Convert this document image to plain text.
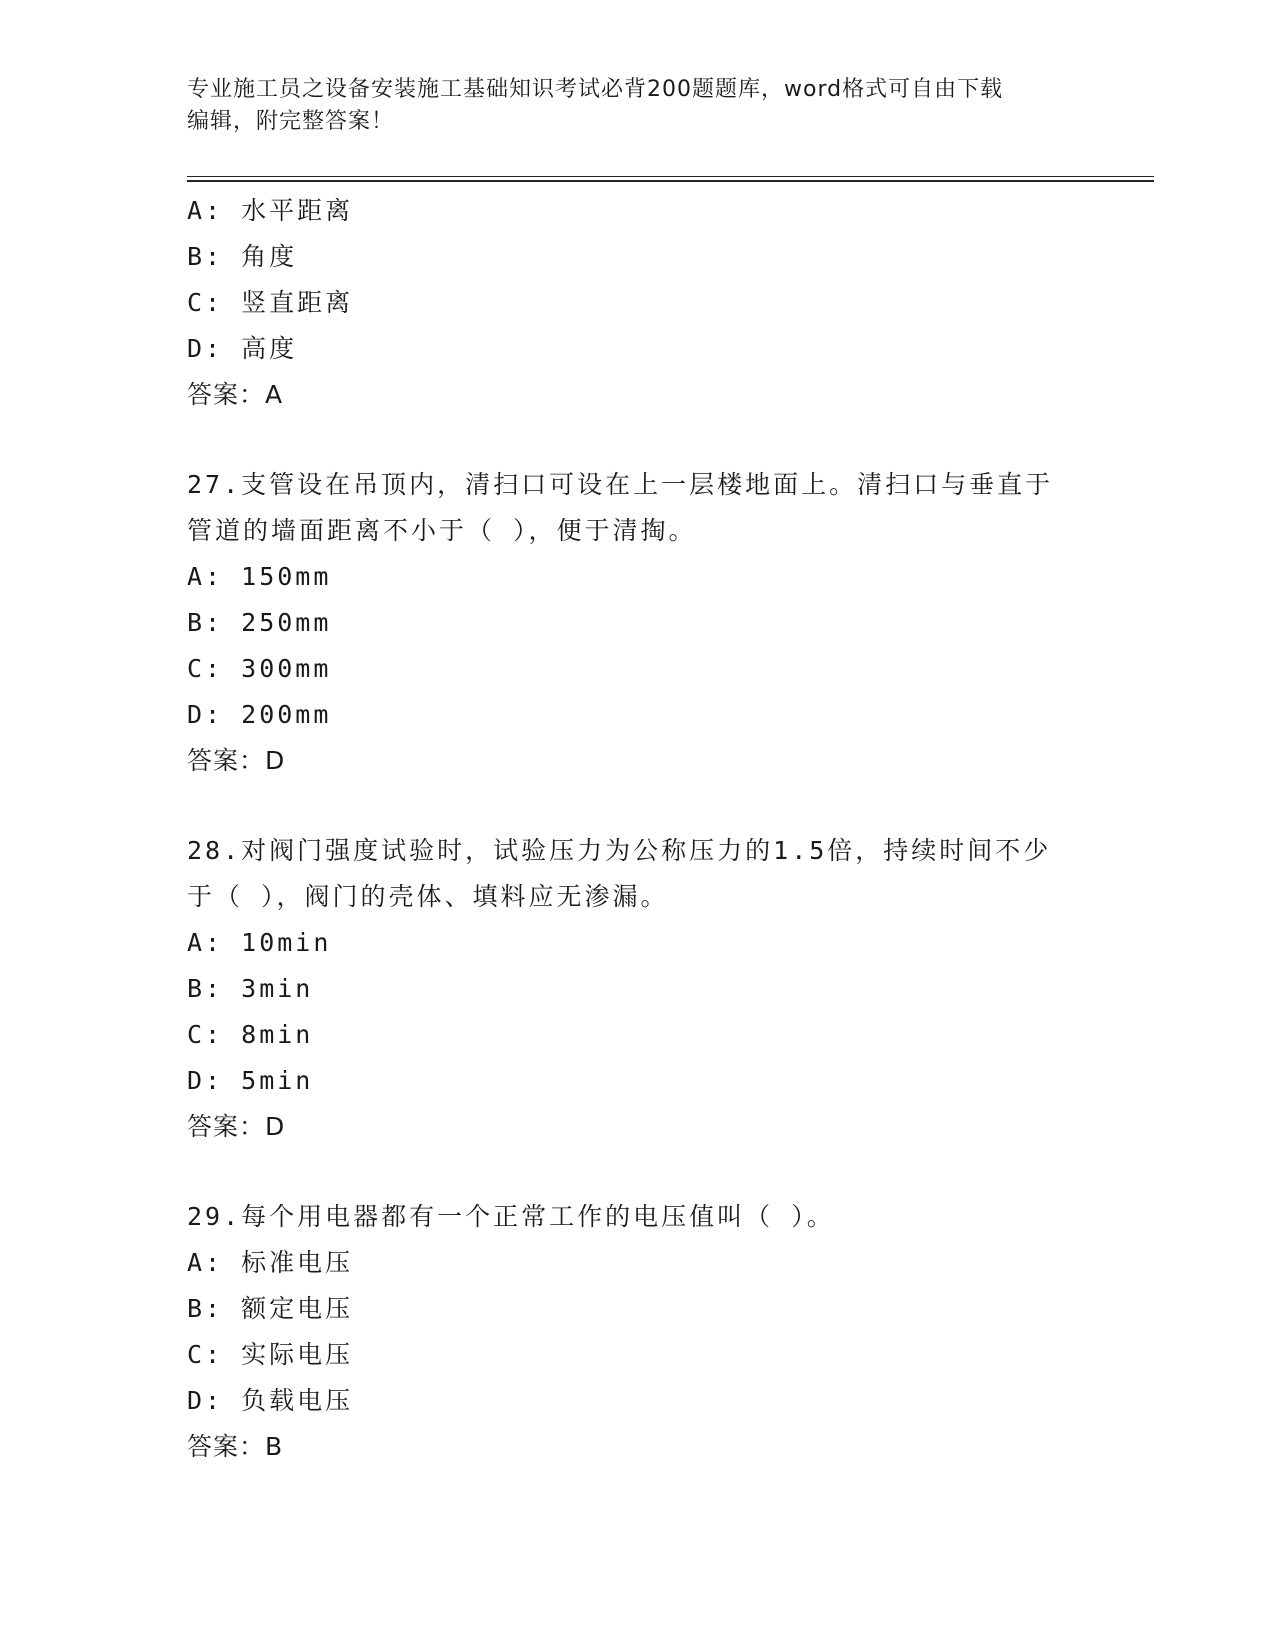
专业施工员之设备安装施工基础知识考试必背200题题库，word格式可自由下载
编辑，附完整答案！
A: 水平距离
B: 角度
C: 竖直距离
D: 高度
答案：A
27.支管设在吊顶内，清扫口可设在上一层楼地面上。清扫口与垂直于
管道的墙面距离不小于（ ），便于清掏。
A: 150mm
B: 250mm
C: 300mm
D: 200mm
答案：D
28.对阀门强度试验时，试验压力为公称压力的1.5倍，持续时间不少
于（ ），阀门的壳体、填料应无渗漏。
A: 10min
B: 3min
C: 8min
D: 5min
答案：D
29.每个用电器都有一个正常工作的电压值叫（ ）。
A: 标准电压
B: 额定电压
C: 实际电压
D: 负载电压
答案：B
